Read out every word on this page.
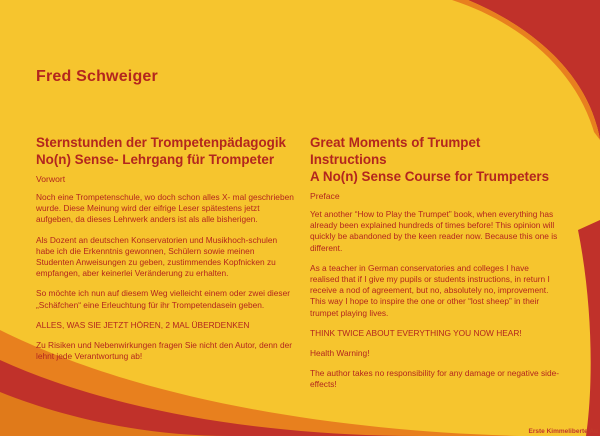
Fred Schweiger
Sternstunden der Trompetenpädagogik
No(n) Sense- Lehrgang für Trompeter

Vorwort

Noch eine Trompetenschule, wo doch schon alles X- mal geschrieben wurde. Diese Meinung wird der eifrige Leser spätestens jetzt aufgeben, da dieses Lehrwerk anders ist als alle bisherigen.

Als Dozent an deutschen Konservatorien und Musikhoch-schulen habe ich die Erkenntnis gewonnen, Schülern sowie meinen Studenten Anweisungen zu geben, zustimmendes Kopfnicken zu empfangen, aber keinerlei Veränderung zu erhalten.

So möchte ich nun auf diesem Weg vielleicht einem oder zwei dieser „Schäfchen“ eine Erleuchtung für ihr Trompetendasein geben.

ALLES, WAS SIE JETZT HÖREN, 2 MAL ÜBERDENKEN

Zu Risiken und Nebenwirkungen fragen Sie nicht den Autor, denn der lehnt jede Verantwortung ab!

Great Moments of Trumpet Instructions
A No(n) Sense Course for Trumpeters

Preface

Yet another “How to Play the Trumpet” book, when everything has already been explained hundreds of times before! This opinion will quickly be abandoned by the keen reader now. Because this one is different.

As a teacher in German conservatories and colleges I have realised that if I give my pupils or students instructions, in return I receive a nod of agreement, but no, absolutely no, improvement. This way I hope to inspire the one or other “lost sheep” in their trumpet playing lives.

THINK TWICE ABOUT EVERYTHING YOU NOW HEAR!

Health Warning!

The author takes no responsibility for any damage or negative side- effects!

Erste Kimmeliberte Au
